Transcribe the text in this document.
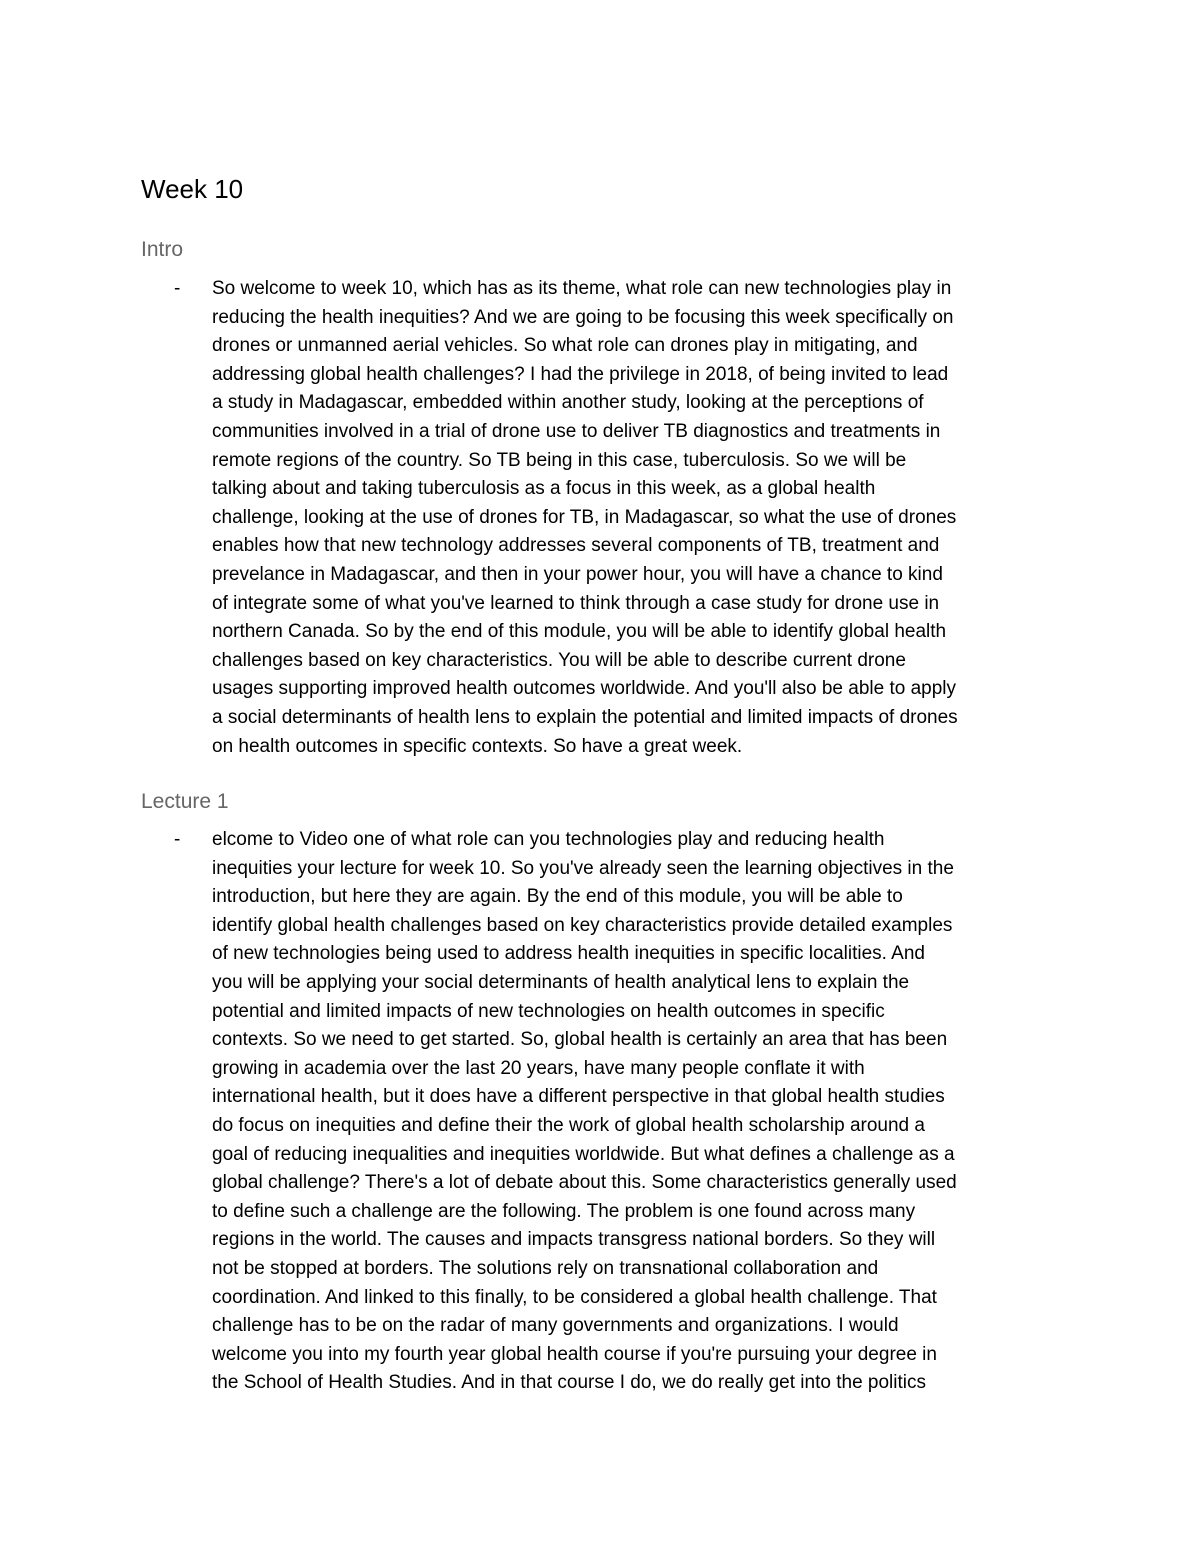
Week 10
Intro
- So welcome to week 10, which has as its theme, what role can new technologies play in
reducing the health inequities? And we are going to be focusing this week specifically on
drones or unmanned aerial vehicles. So what role can drones play in mitigating, and
addressing global health challenges? I had the privilege in 2018, of being invited to lead
a study in Madagascar, embedded within another study, looking at the perceptions of
communities involved in a trial of drone use to deliver TB diagnostics and treatments in
remote regions of the country. So TB being in this case, tuberculosis. So we will be
talking about and taking tuberculosis as a focus in this week, as a global health
challenge, looking at the use of drones for TB, in Madagascar, so what the use of drones
enables how that new technology addresses several components of TB, treatment and
prevelance in Madagascar, and then in your power hour, you will have a chance to kind
of integrate some of what you've learned to think through a case study for drone use in
northern Canada. So by the end of this module, you will be able to identify global health
challenges based on key characteristics. You will be able to describe current drone
usages supporting improved health outcomes worldwide. And you'll also be able to apply
a social determinants of health lens to explain the potential and limited impacts of drones
on health outcomes in specific contexts. So have a great week.

Lecture 1
- elcome to Video one of what role can you technologies play and reducing health
inequities your lecture for week 10. So you've already seen the learning objectives in the
introduction, but here they are again. By the end of this module, you will be able to
identify global health challenges based on key characteristics provide detailed examples
of new technologies being used to address health inequities in specific localities. And
you will be applying your social determinants of health analytical lens to explain the
potential and limited impacts of new technologies on health outcomes in specific
contexts. So we need to get started. So, global health is certainly an area that has been
growing in academia over the last 20 years, have many people conflate it with
international health, but it does have a different perspective in that global health studies
do focus on inequities and define their the work of global health scholarship around a
goal of reducing inequalities and inequities worldwide. But what defines a challenge as a
global challenge? There's a lot of debate about this. Some characteristics generally used
to define such a challenge are the following. The problem is one found across many
regions in the world. The causes and impacts transgress national borders. So they will
not be stopped at borders. The solutions rely on transnational collaboration and
coordination. And linked to this finally, to be considered a global health challenge. That
challenge has to be on the radar of many governments and organizations. I would
welcome you into my fourth year global health course if you're pursuing your degree in
the School of Health Studies. And in that course I do, we do really get into the politics
